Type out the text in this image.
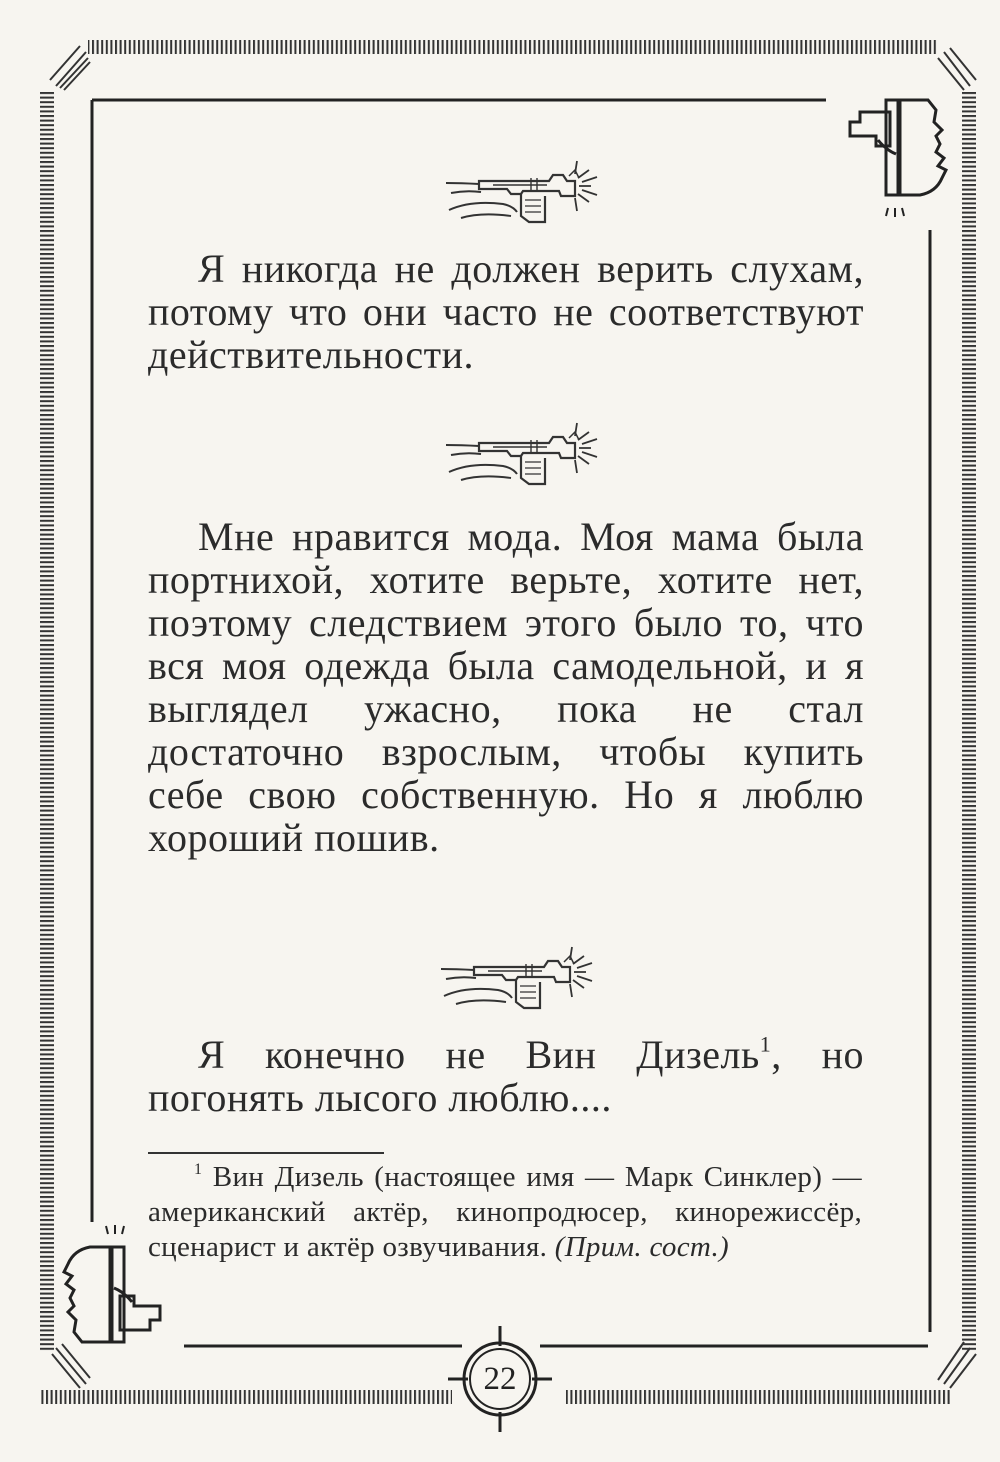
Я никогда не должен верить слухам, потому что они часто не соответствуют действительности.

Мне нравится мода. Моя мама была портнихой, хотите верьте, хотите нет, поэтому следствием этого было то, что вся моя одежда была самодельной, и я выглядел ужасно, пока не стал достаточно взрослым, чтобы купить себе свою собственную. Но я люблю хороший пошив.

Я конечно не Вин Дизель$^1$, но погонять лысого люблю....

$^1$ Вин Дизель (настоящее имя — Марк Синклер) — американский актёр, кинопродюсер, кинорежиссёр, сценарист и актёр озвучивания. (Прим. сост.)

22
